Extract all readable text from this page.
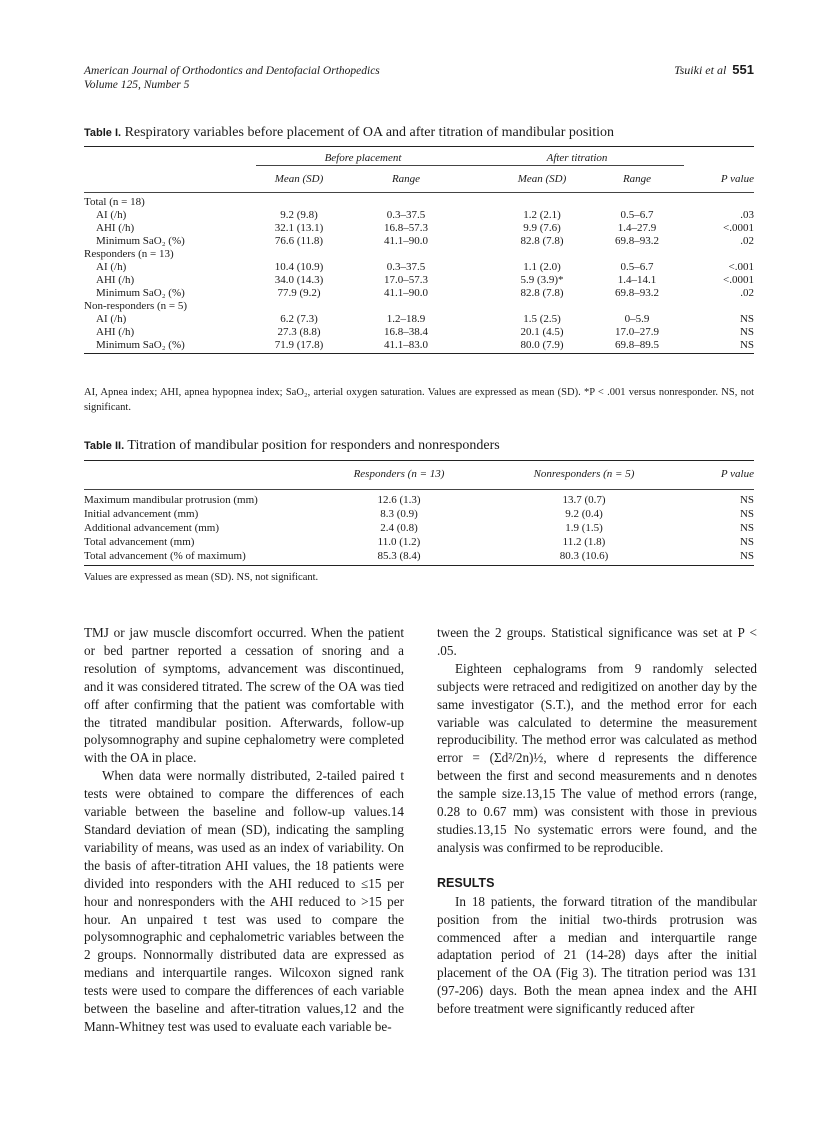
American Journal of Orthodontics and Dentofacial Orthopedics
Volume 125, Number 5
Tsuiki et al 551
Table I. Respiratory variables before placement of OA and after titration of mandibular position
	Before placement		After titration		
	Mean (SD)	Range	Mean (SD)	Range	P value
Total (n = 18)					
AI (/h)	9.2 (9.8)	0.3–37.5	1.2 (2.1)	0.5–6.7	.03
AHI (/h)	32.1 (13.1)	16.8–57.3	9.9 (7.6)	1.4–27.9	<.0001
Minimum SaO₂ (%)	76.6 (11.8)	41.1–90.0	82.8 (7.8)	69.8–93.2	.02
Responders (n = 13)					
AI (/h)	10.4 (10.9)	0.3–37.5	1.1 (2.0)	0.5–6.7	<.001
AHI (/h)	34.0 (14.3)	17.0–57.3	5.9 (3.9)*	1.4–14.1	<.0001
Minimum SaO₂ (%)	77.9 (9.2)	41.1–90.0	82.8 (7.8)	69.8–93.2	.02
Non-responders (n = 5)					
AI (/h)	6.2 (7.3)	1.2–18.9	1.5 (2.5)	0–5.9	NS
AHI (/h)	27.3 (8.8)	16.8–38.4	20.1 (4.5)	17.0–27.9	NS
Minimum SaO₂ (%)	71.9 (17.8)	41.1–83.0	80.0 (7.9)	69.8–89.5	NS
AI, Apnea index; AHI, apnea hypopnea index; SaO₂, arterial oxygen saturation. Values are expressed as mean (SD). *P < .001 versus nonresponder. NS, not significant.
Table II. Titration of mandibular position for responders and nonresponders
	Responders (n = 13)	Nonresponders (n = 5)	P value
Maximum mandibular protrusion (mm)	12.6 (1.3)	13.7 (0.7)	NS
Initial advancement (mm)	8.3 (0.9)	9.2 (0.4)	NS
Additional advancement (mm)	2.4 (0.8)	1.9 (1.5)	NS
Total advancement (mm)	11.0 (1.2)	11.2 (1.8)	NS
Total advancement (% of maximum)	85.3 (8.4)	80.3 (10.6)	NS
Values are expressed as mean (SD). NS, not significant.

TMJ or jaw muscle discomfort occurred. When the patient or bed partner reported a cessation of snoring and a resolution of symptoms, advancement was discontinued, and it was considered titrated. The screw of the OA was tied off after confirming that the patient was comfortable with the titrated mandibular position. Afterwards, follow-up polysomnography and supine cephalometry were completed with the OA in place.

When data were normally distributed, 2-tailed paired t tests were obtained to compare the differences of each variable between the baseline and follow-up values.14 Standard deviation of mean (SD), indicating the sampling variability of means, was used as an index of variability. On the basis of after-titration AHI values, the 18 patients were divided into responders with the AHI reduced to ≤15 per hour and nonresponders with the AHI reduced to >15 per hour. An unpaired t test was used to compare the polysomnographic and cephalometric variables between the 2 groups. Nonnormally distributed data are expressed as medians and interquartile ranges. Wilcoxon signed rank tests were used to compare the differences of each variable between the baseline and after-titration values,12 and the Mann-Whitney test was used to evaluate each variable be-

tween the 2 groups. Statistical significance was set at P < .05.

Eighteen cephalograms from 9 randomly selected subjects were retraced and redigitized on another day by the same investigator (S.T.), and the method error for each variable was calculated to determine the measurement reproducibility. The method error was calculated as method error = (Σd²/2n)½, where d represents the difference between the first and second measurements and n denotes the sample size.13,15 The value of method errors (range, 0.28 to 0.67 mm) was consistent with those in previous studies.13,15 No systematic errors were found, and the analysis was confirmed to be reproducible.

RESULTS

In 18 patients, the forward titration of the mandibular position from the initial two-thirds protrusion was commenced after a median and interquartile range adaptation period of 21 (14-28) days after the initial placement of the OA (Fig 3). The titration period was 131 (97-206) days. Both the mean apnea index and the AHI before treatment were significantly reduced after
